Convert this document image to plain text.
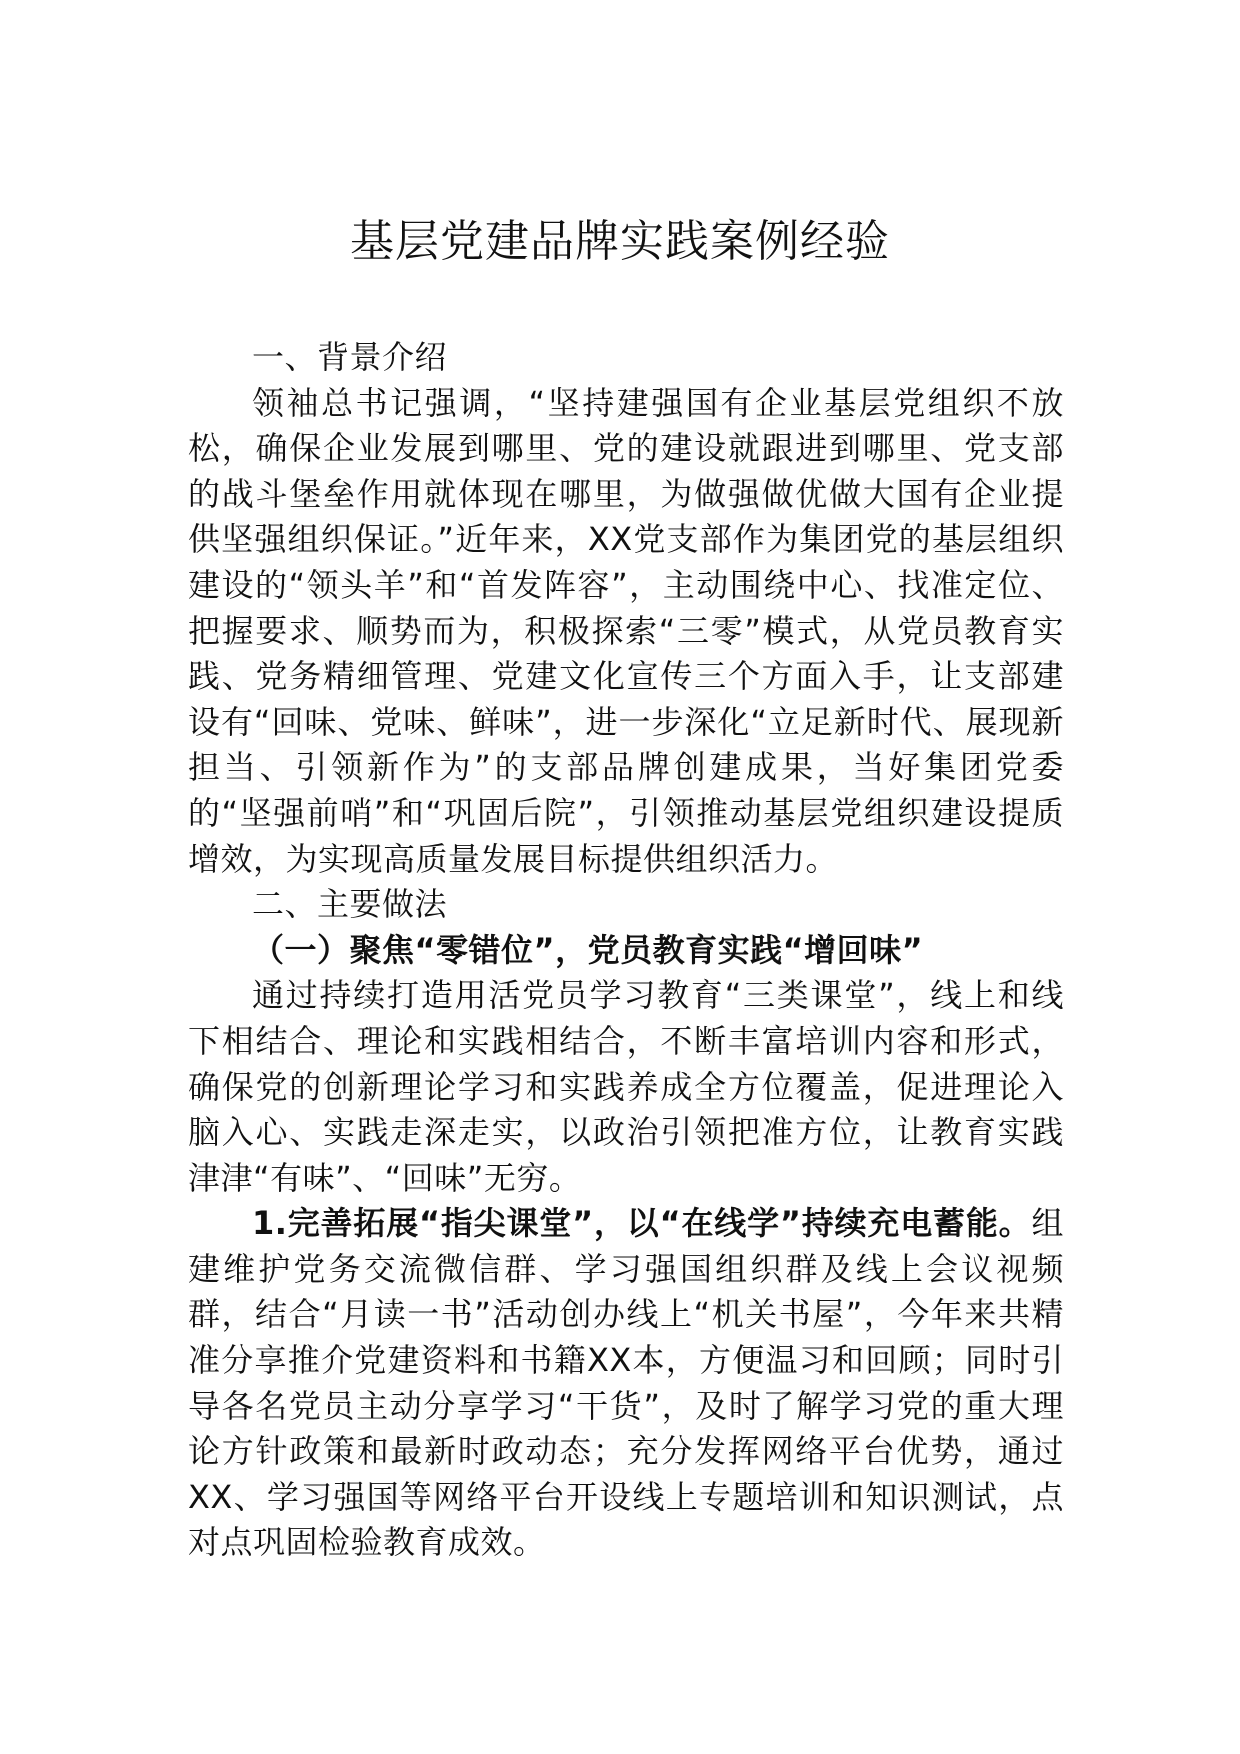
基层党建品牌实践案例经验

一、背景介绍

领袖总书记强调，“坚持建强国有企业基层党组织不放松，确保企业发展到哪里、党的建设就跟进到哪里、党支部的战斗堡垒作用就体现在哪里，为做强做优做大国有企业提供坚强组织保证。”近年来，XX党支部作为集团党的基层组织建设的“领头羊”和“首发阵容”，主动围绕中心、找准定位、把握要求、顺势而为，积极探索“三零”模式，从党员教育实践、党务精细管理、党建文化宣传三个方面入手，让支部建设有“回味、党味、鲜味”，进一步深化“立足新时代、展现新担当、引领新作为”的支部品牌创建成果，当好集团党委的“坚强前哨”和“巩固后院”，引领推动基层党组织建设提质增效，为实现高质量发展目标提供组织活力。

二、主要做法

（一）聚焦“零错位”，党员教育实践“增回味”

通过持续打造用活党员学习教育“三类课堂”，线上和线下相结合、理论和实践相结合，不断丰富培训内容和形式，确保党的创新理论学习和实践养成全方位覆盖，促进理论入脑入心、实践走深走实，以政治引领把准方位，让教育实践津津“有味”、“回味”无穷。

1.完善拓展“指尖课堂”，以“在线学”持续充电蓄能。组建维护党务交流微信群、学习强国组织群及线上会议视频群，结合“月读一书”活动创办线上“机关书屋”，今年来共精准分享推介党建资料和书籍XX本，方便温习和回顾；同时引导各名党员主动分享学习“干货”，及时了解学习党的重大理论方针政策和最新时政动态；充分发挥网络平台优势，通过XX、学习强国等网络平台开设线上专题培训和知识测试，点对点巩固检验教育成效。
